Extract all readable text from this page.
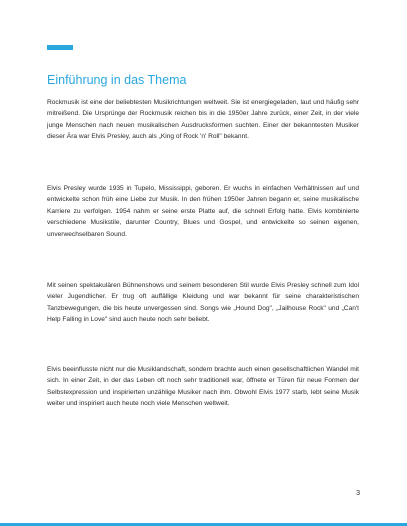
Einführung in das Thema

Rockmusik ist eine der beliebtesten Musikrichtungen weltweit. Sie ist energiegeladen, laut und häufig sehr mitreißend. Die Ursprünge der Rockmusik reichen bis in die 1950er Jahre zurück, einer Zeit, in der viele junge Menschen nach neuen musikalischen Ausdrucksformen suchten. Einer der bekanntesten Musiker dieser Ära war Elvis Presley, auch als „King of Rock 'n' Roll" bekannt.

Elvis Presley wurde 1935 in Tupelo, Mississippi, geboren. Er wuchs in einfachen Verhältnissen auf und entwickelte schon früh eine Liebe zur Musik. In den frühen 1950er Jahren begann er, seine musikalische Karriere zu verfolgen. 1954 nahm er seine erste Platte auf, die schnell Erfolg hatte. Elvis kombinierte verschiedene Musikstile, darunter Country, Blues und Gospel, und entwickelte so seinen eigenen, unverwechselbaren Sound.

Mit seinen spektakulären Bühnenshows und seinem besonderen Stil wurde Elvis Presley schnell zum Idol vieler Jugendlicher. Er trug oft auffällige Kleidung und war bekannt für seine charakteristischen Tanzbewegungen, die bis heute unvergessen sind. Songs wie „Hound Dog", „Jailhouse Rock" und „Can't Help Falling in Love" sind auch heute noch sehr beliebt.

Elvis beeinflusste nicht nur die Musiklandschaft, sondern brachte auch einen gesellschaftlichen Wandel mit sich. In einer Zeit, in der das Leben oft noch sehr traditionell war, öffnete er Türen für neue Formen der Selbstexpression und inspirierten unzählige Musiker nach ihm. Obwohl Elvis 1977 starb, lebt seine Musik weiter und inspiriert auch heute noch viele Menschen weltweit.

3
